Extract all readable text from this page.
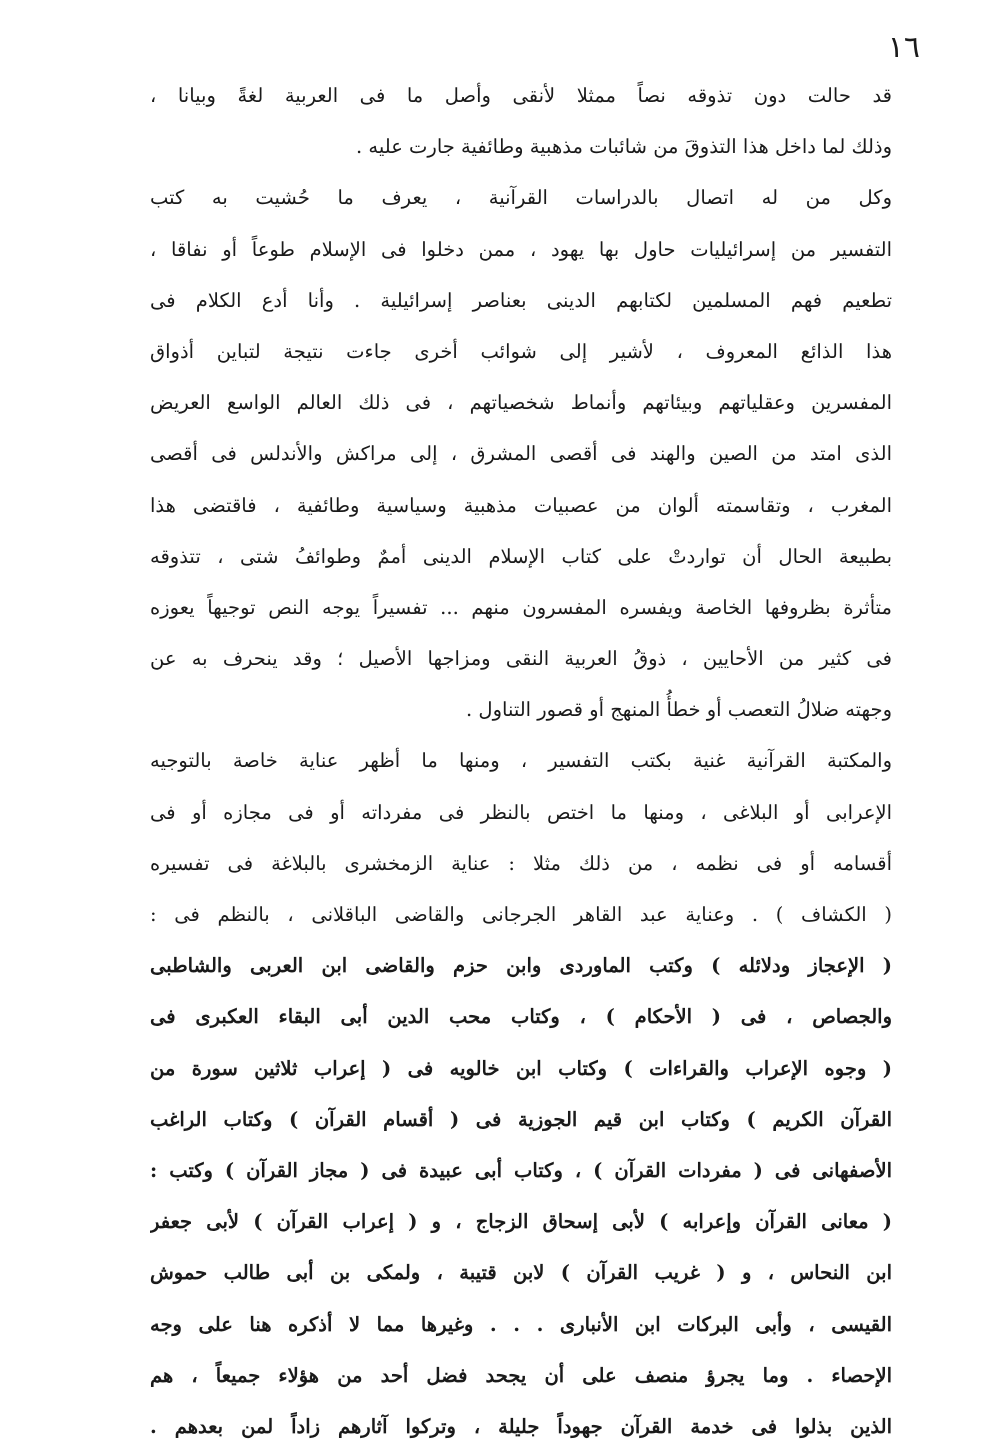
١٦
قد حالت دون تذوقه نصاً ممثلا لأنقى وأصل ما فى العربية لغةً وبيانا ،
وذلك لما داخل هذا التذوقَ من شائبات مذهبية وطائفية جارت عليه .
وكل من له اتصال بالدراسات القرآنية ، يعرف ما حُشيت به كتب
التفسير من إسرائيليات حاول بها يهود ، ممن دخلوا فى الإسلام طوعاً أو نفاقا ،
تطعيم فهم المسلمين لكتابهم الدينى بعناصر إسرائيلية . وأنا أدع الكلام فى
هذا الذائع المعروف ، لأشير إلى شوائب أخرى جاءت نتيجة لتباين أذواق
المفسرين وعقلياتهم وبيئاتهم وأنماط شخصياتهم ، فى ذلك العالم الواسع العريض
الذى امتد من الصين والهند فى أقصى المشرق ، إلى مراكش والأندلس فى أقصى
المغرب ، وتقاسمته ألوان من عصبيات مذهبية وسياسية وطائفية ، فاقتضى هذا
بطبيعة الحال أن تواردتْ على كتاب الإسلام الدينى أممٌ وطوائفُ شتى ، تتذوقه
متأثرة بظروفها الخاصة ويفسره المفسرون منهم ... تفسيراً يوجه النص توجيهاً يعوزه
فى كثير من الأحايين ، ذوقُ العربية النقى ومزاجها الأصيل ؛ وقد ينحرف به عن
وجهته ضلالُ التعصب أو خطأُ المنهج أو قصور التناول .
والمكتبة القرآنية غنية بكتب التفسير ، ومنها ما أظهر عناية خاصة بالتوجيه
الإعرابى أو البلاغى ، ومنها ما اختص بالنظر فى مفرداته أو فى مجازه أو فى
أقسامه أو فى نظمه ، من ذلك مثلا : عناية الزمخشرى بالبلاغة فى تفسيره
( الكشاف ) . وعناية عبد القاهر الجرجانى والقاضى الباقلانى ، بالنظم فى :
( الإعجاز ودلائله ) وكتب الماوردى وابن حزم والقاضى ابن العربى والشاطبى
والجصاص ، فى ( الأحكام ) ، وكتاب محب الدين أبى البقاء العكبرى فى
( وجوه الإعراب والقراءات ) وكتاب ابن خالويه فى ( إعراب ثلاثين سورة من
القرآن الكريم ) وكتاب ابن قيم الجوزية فى ( أقسام القرآن ) وكتاب الراغب
الأصفهانى فى ( مفردات القرآن ) ، وكتاب أبى عبيدة فى ( مجاز القرآن ) وكتب :
( معانى القرآن وإعرابه ) لأبى إسحاق الزجاج ، و ( إعراب القرآن ) لأبى جعفر
ابن النحاس ، و ( غريب القرآن ) لابن قتيبة ، ولمكى بن أبى طالب حموش
القيسى ، وأبى البركات ابن الأنبارى . . . وغيرها مما لا أذكره هنا على وجه
الإحصاء . وما يجرؤ منصف على أن يجحد فضل أحد من هؤلاء جميعاً ، هم
الذين بذلوا فى خدمة القرآن جهوداً جليلة ، وتركوا آثارهم زاداً لمن بعدهم .
